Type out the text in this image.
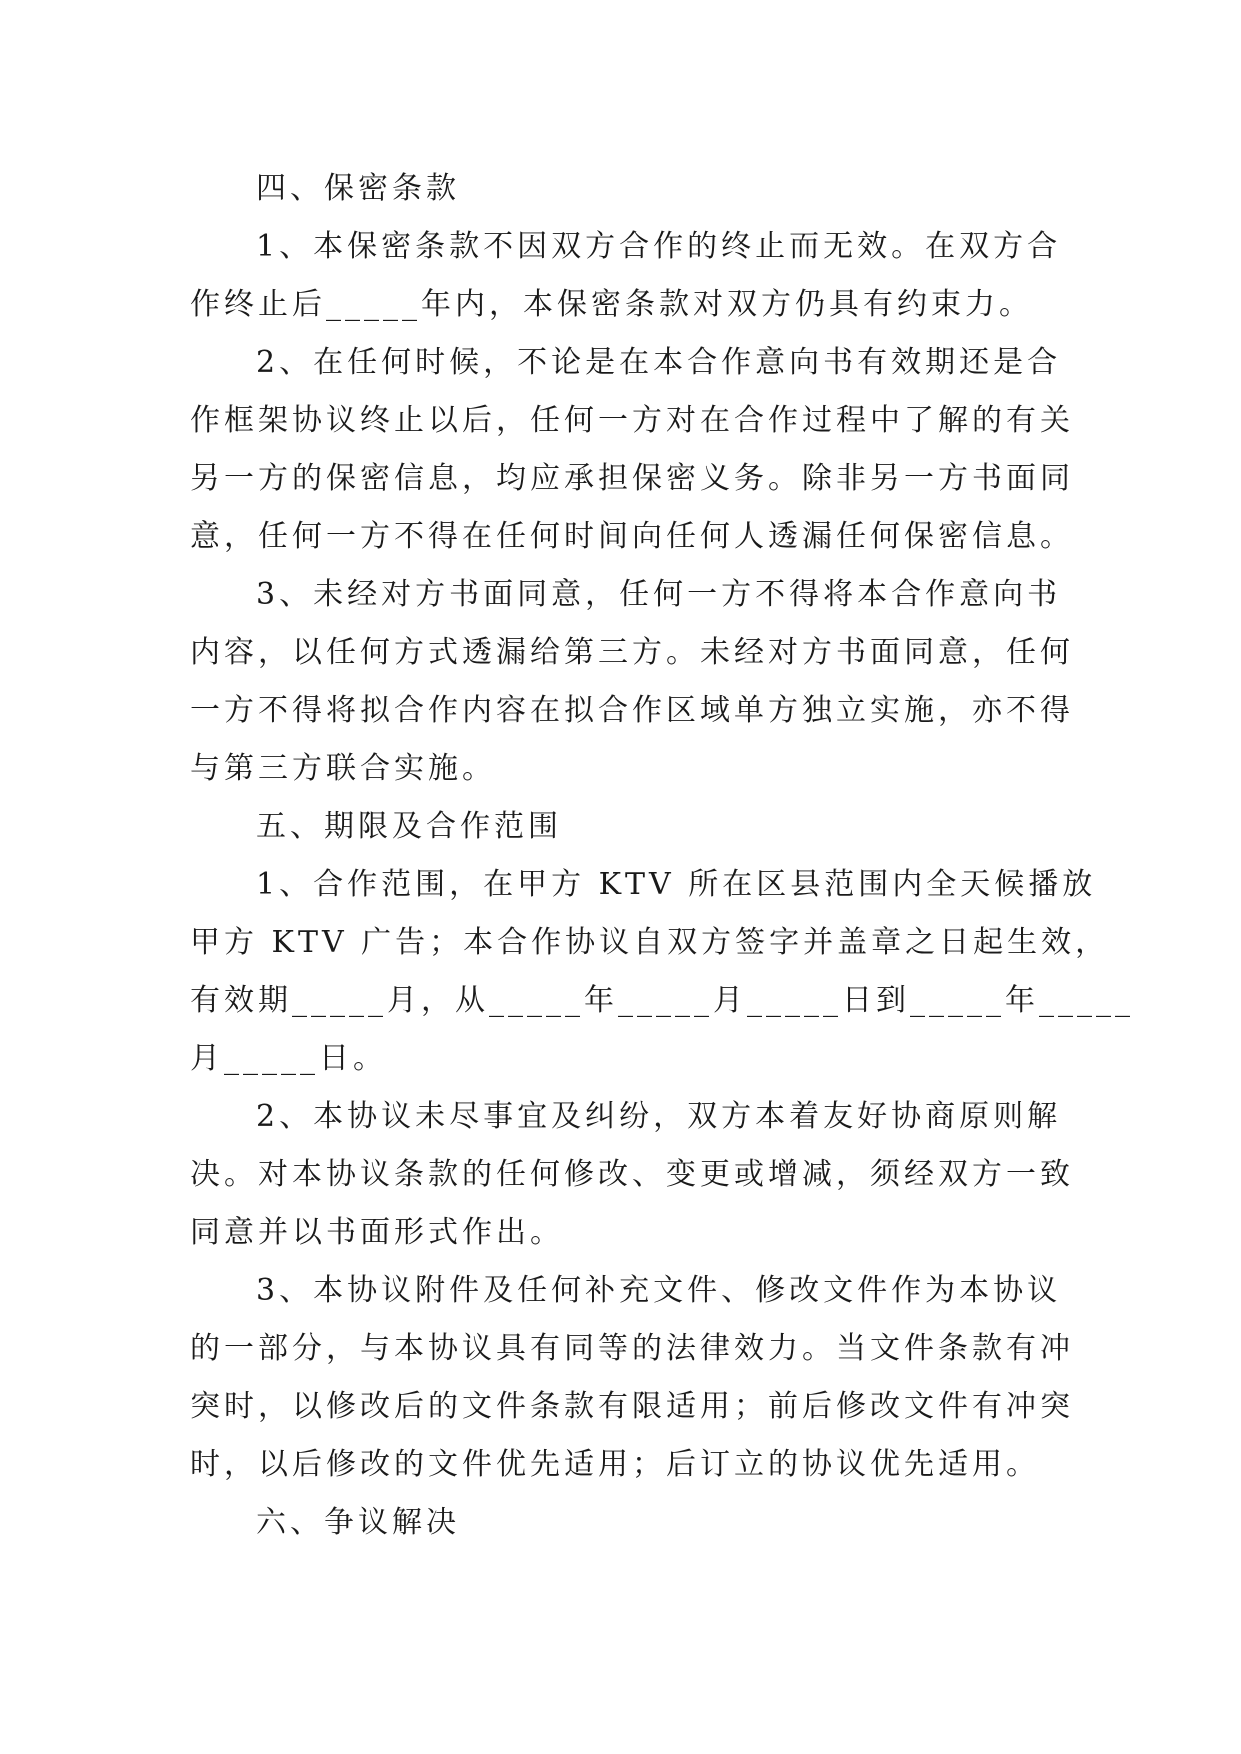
四、保密条款
1、本保密条款不因双方合作的终止而无效。在双方合
作终止后_____年内，本保密条款对双方仍具有约束力。
2、在任何时候，不论是在本合作意向书有效期还是合
作框架协议终止以后，任何一方对在合作过程中了解的有关
另一方的保密信息，均应承担保密义务。除非另一方书面同
意，任何一方不得在任何时间向任何人透漏任何保密信息。
3、未经对方书面同意，任何一方不得将本合作意向书
内容，以任何方式透漏给第三方。未经对方书面同意，任何
一方不得将拟合作内容在拟合作区域单方独立实施，亦不得
与第三方联合实施。
五、期限及合作范围
1、合作范围，在甲方 KTV 所在区县范围内全天候播放
甲方 KTV 广告；本合作协议自双方签字并盖章之日起生效，
有效期_____月，从_____年_____月_____日到_____年_____
月_____日。
2、本协议未尽事宜及纠纷，双方本着友好协商原则解
决。对本协议条款的任何修改、变更或增减，须经双方一致
同意并以书面形式作出。
3、本协议附件及任何补充文件、修改文件作为本协议
的一部分，与本协议具有同等的法律效力。当文件条款有冲
突时，以修改后的文件条款有限适用；前后修改文件有冲突
时，以后修改的文件优先适用；后订立的协议优先适用。
六、争议解决
